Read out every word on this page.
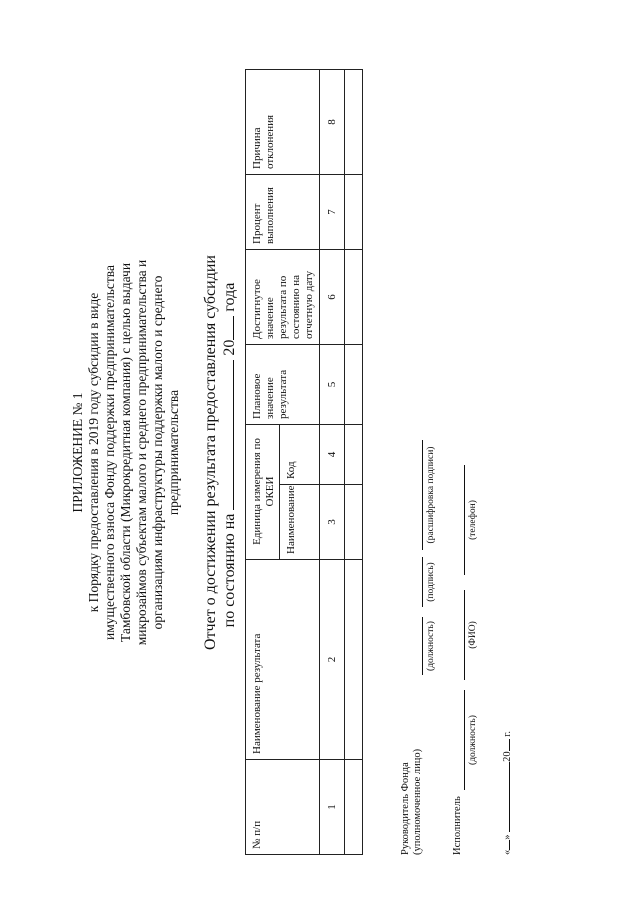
ПРИЛОЖЕНИЕ № 1 к Порядку предоставления в 2019 году субсидии в виде имущественного взноса Фонду поддержки предпринимательства Тамбовской области (Микрокредитная компания) с целью выдачи микрозаймов субъектам малого и среднего предпринимательства и организациям инфраструктуры поддержки малого и среднего предпринимательства Отчет о достижении результата предоставления субсидии по состоянию на  20 года
№ п/п	Наименование результата	Единица измерения по ОКЕИ		Плановое значение результата	Достигнутое значение результата по состоянию на отчетную дату	Процент выполнения	Причина отклонения
		Наименование	Код				
1	2	3	4	5	6	7	8

Руководитель Фонда (уполномоченное лицо)
(должность)
(подпись)
(расшифровка подписи)
Исполнитель
(должность)
(ФИО)
(телефон)
«» 20 г.
